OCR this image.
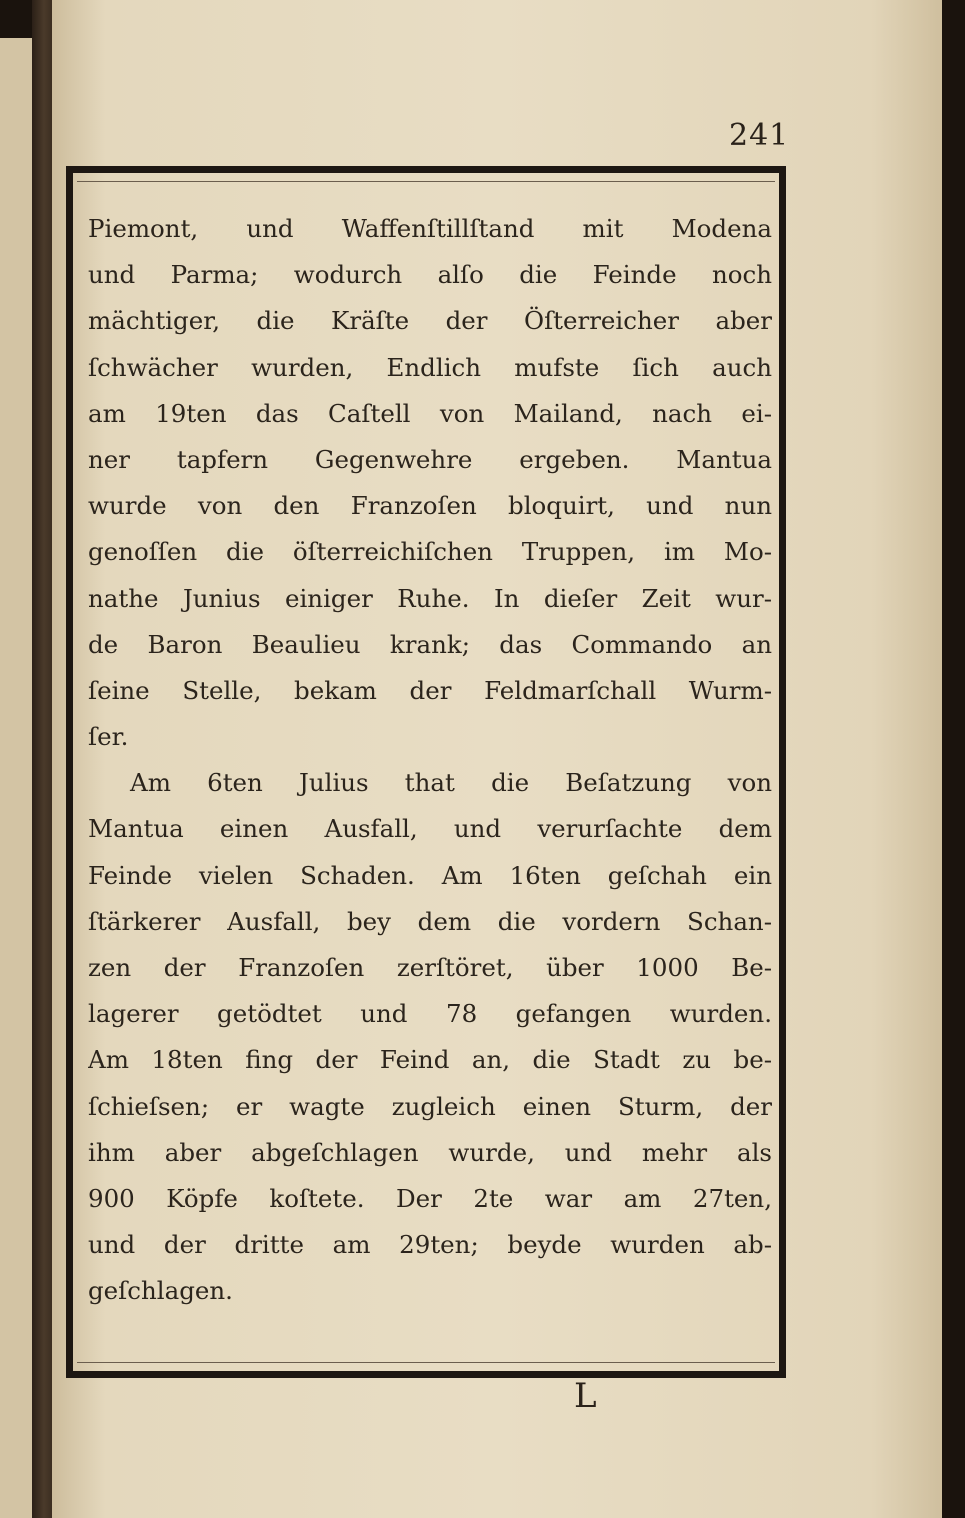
241
Piemont, und Waffenſtillſtand mit Modena
und Parma; wodurch alſo die Feinde noch
mächtiger, die Kräſte der Öſterreicher aber
ſchwächer wurden, Endlich mufste ſich auch
am 19ten das Caſtell von Mailand, nach ei-
ner tapfern Gegenwehre ergeben. Mantua
wurde von den Franzoſen bloquirt, und nun
genoſſen die öſterreichiſchen Truppen, im Mo-
nathe Junius einiger Ruhe. In dieſer Zeit wur-
de Baron Beaulieu krank; das Commando an
ſeine Stelle, bekam der Feldmarſchall Wurm-
ſer.
Am 6ten Julius that die Beſatzung von
Mantua einen Ausfall, und verurſachte dem
Feinde vielen Schaden. Am 16ten geſchah ein
ſtärkerer Ausfall, bey dem die vordern Schan-
zen der Franzoſen zerſtöret, über 1000 Be-
lagerer getödtet und 78 gefangen wurden.
Am 18ten fing der Feind an, die Stadt zu be-
ſchieſsen; er wagte zugleich einen Sturm, der
ihm aber abgeſchlagen wurde, und mehr als
900 Köpfe koſtete. Der 2te war am 27ten,
und der dritte am 29ten; beyde wurden ab-
geſchlagen.
L
